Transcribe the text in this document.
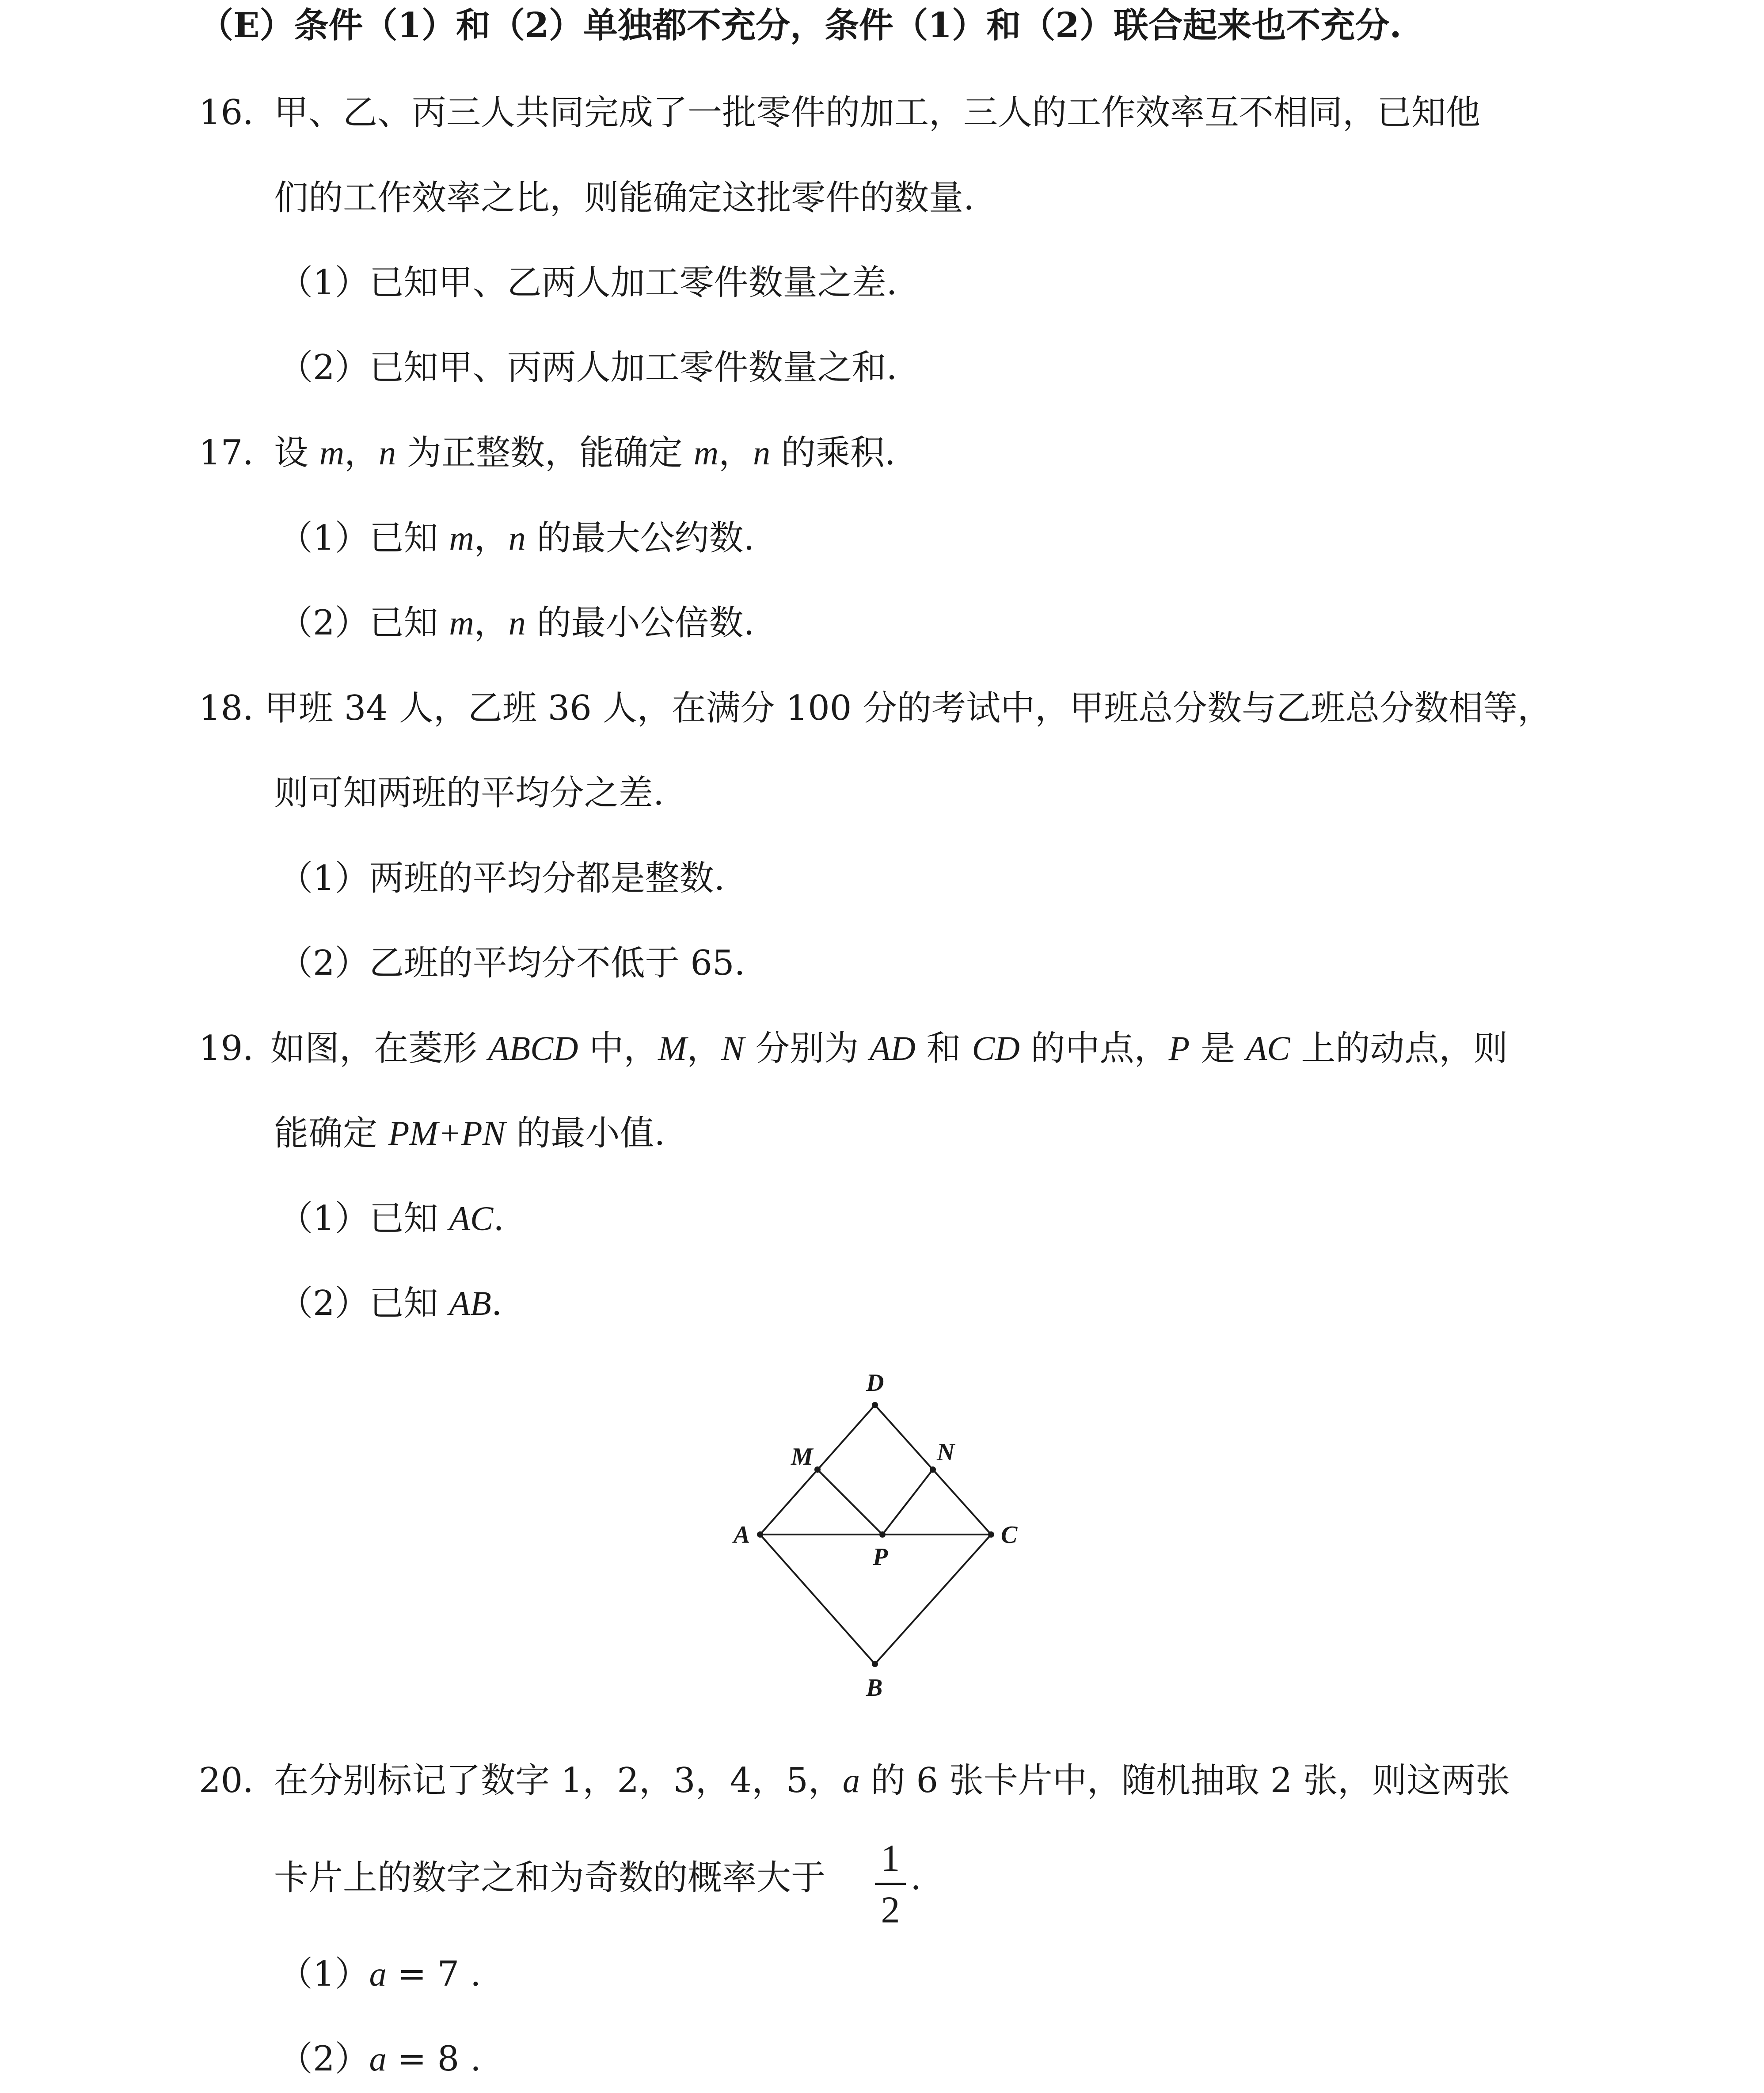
（E）条件（1）和（2）单独都不充分，条件（1）和（2）联合起来也不充分.
16．
甲、乙、丙三人共同完成了一批零件的加工，三人的工作效率互不相同，已知他
们的工作效率之比，则能确定这批零件的数量.
（1）已知甲、乙两人加工零件数量之差.
（2）已知甲、丙两人加工零件数量之和.
17．
设 m，n 为正整数，能确定 m，n 的乘积.
（1）已知 m，n 的最大公约数.
（2）已知 m，n 的最小公倍数.
18．
甲班 34 人，乙班 36 人，在满分 100 分的考试中，甲班总分数与乙班总分数相等，
则可知两班的平均分之差.
（1）两班的平均分都是整数.
（2）乙班的平均分不低于 65.
19．
如图，在菱形 ABCD 中，M，N 分别为 AD 和 CD 的中点，P 是 AC 上的动点，则
能确定 PM+PN 的最小值.
（1）已知 AC.
（2）已知 AB.
D
M	N
A	C
P
B
20．
在分别标记了数字 1，2，3，4，5，a 的 6 张卡片中，随机抽取 2 张，则这两张
卡片上的数字之和为奇数的概率大于 1
2
.
（1）a = 7 .
（2）a = 8 .
